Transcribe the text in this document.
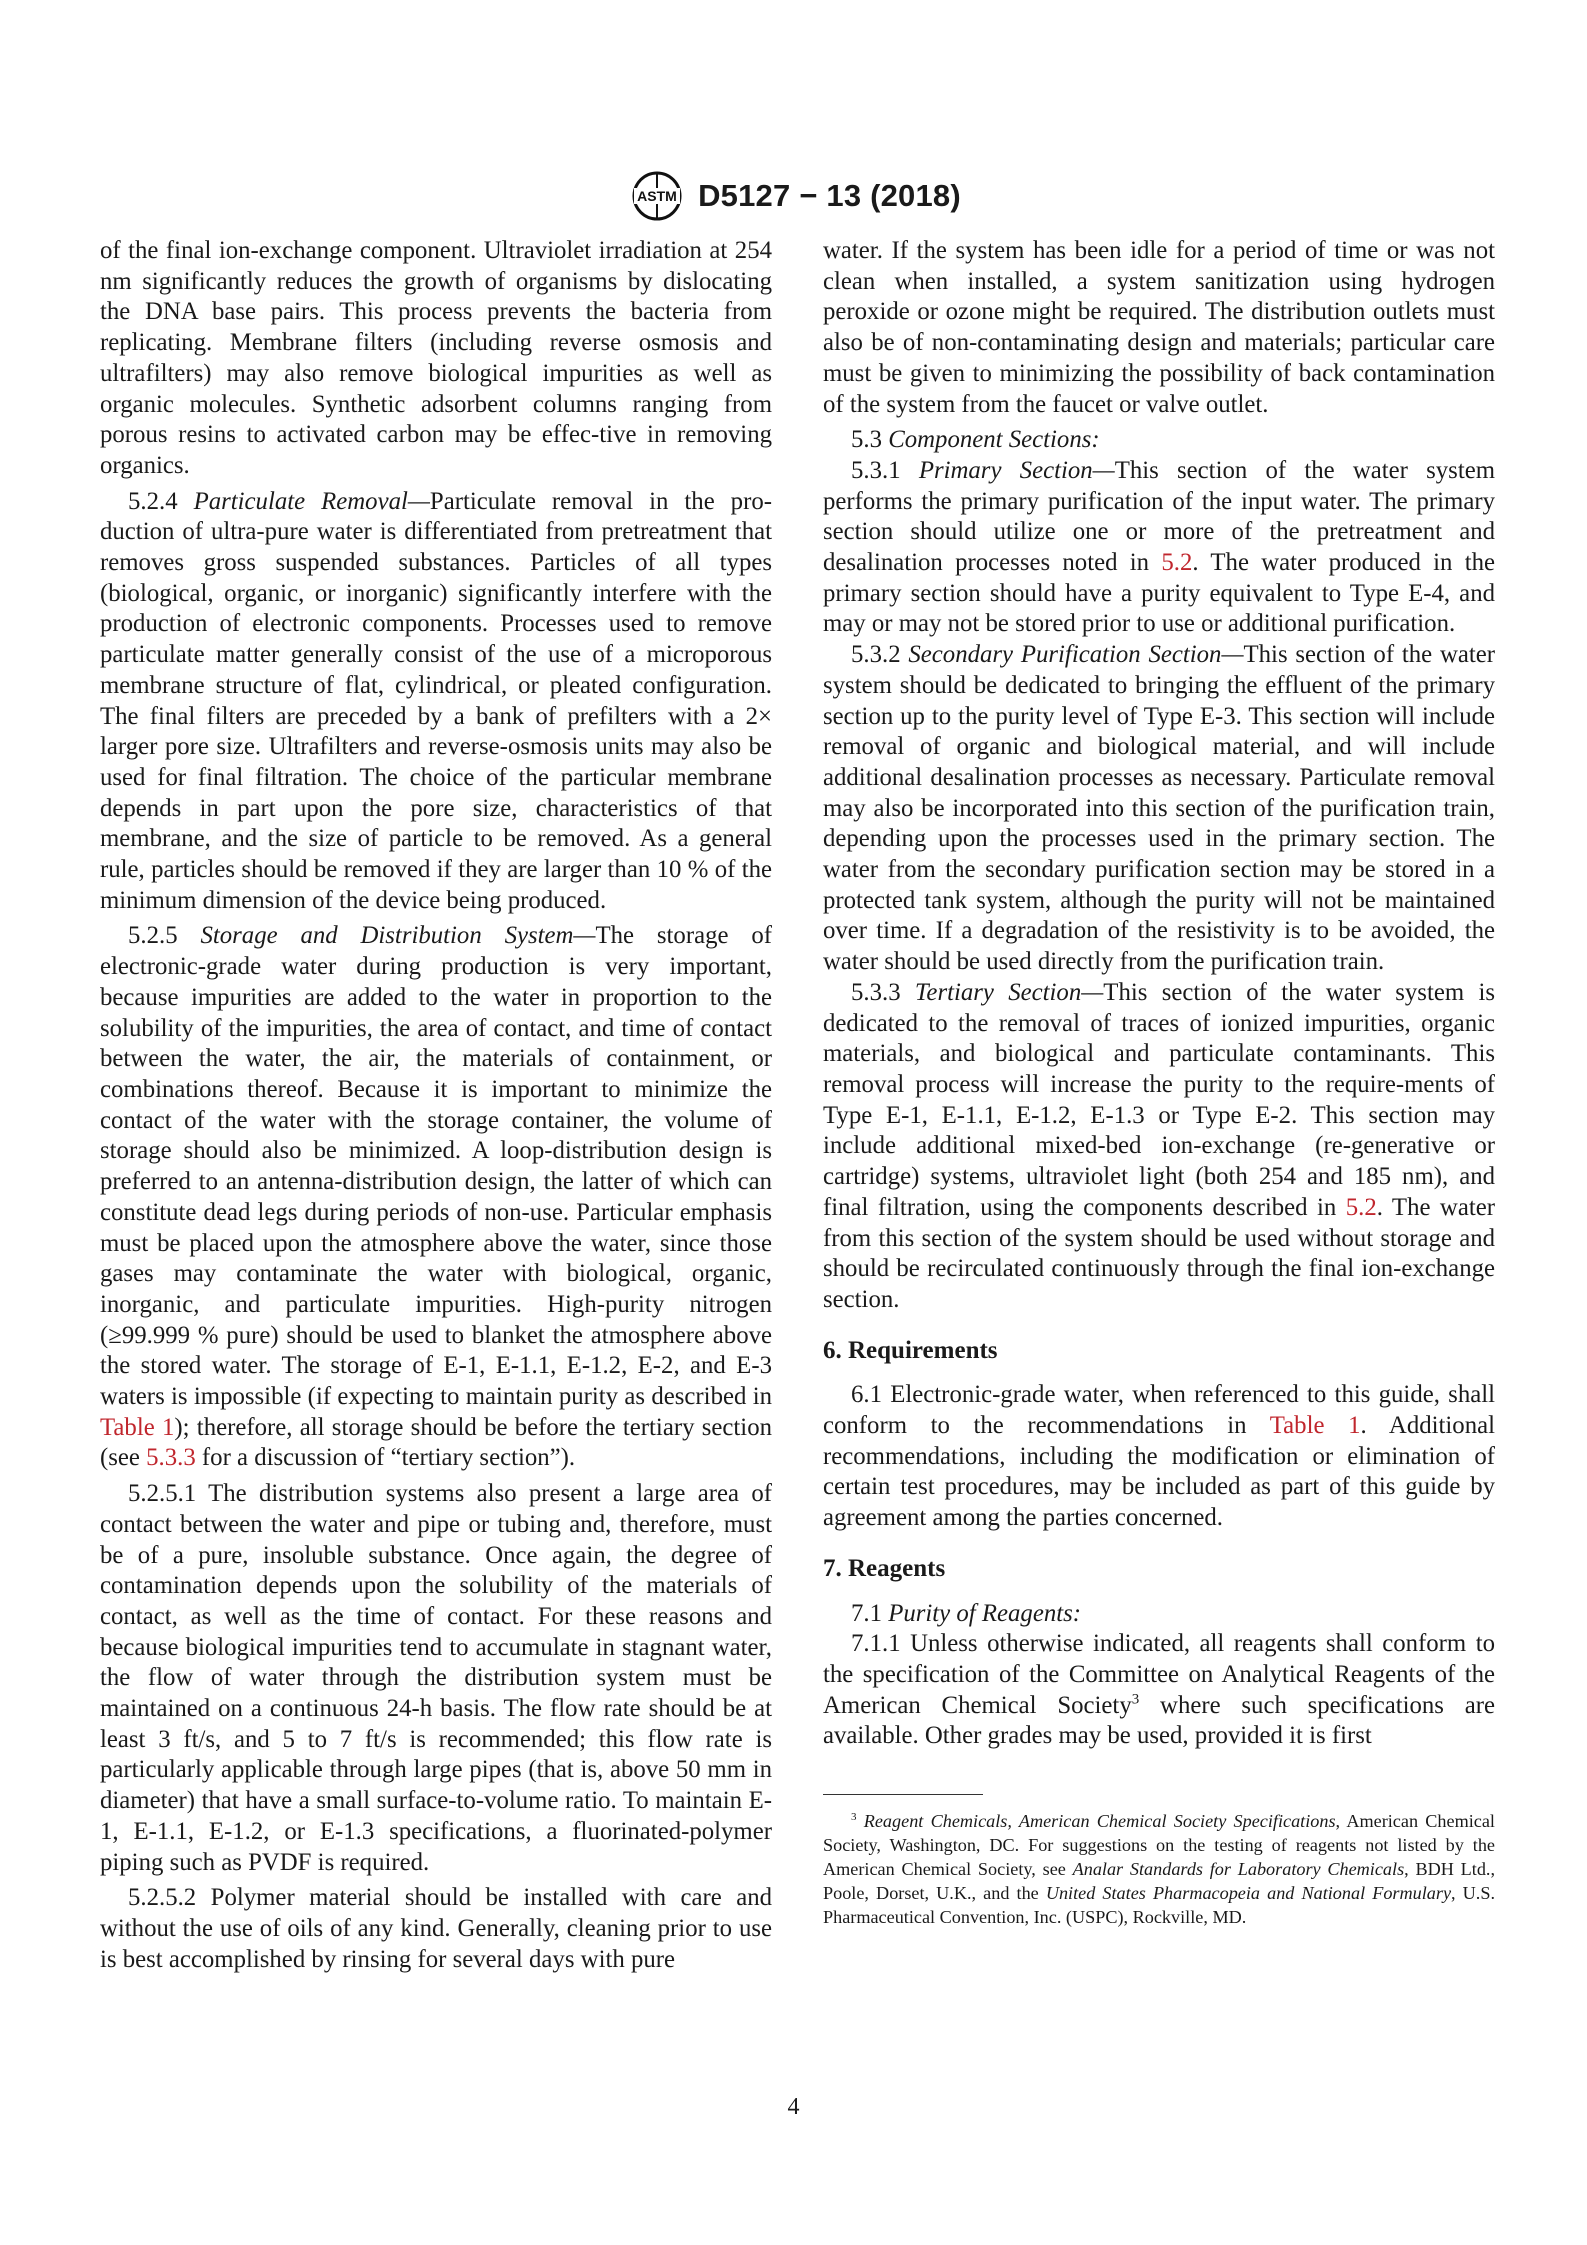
ASTM D5127 − 13 (2018)

of the final ion-exchange component. Ultraviolet irradiation at 254 nm significantly reduces the growth of organisms by dislocating the DNA base pairs. This process prevents the bacteria from replicating. Membrane filters (including reverse osmosis and ultrafilters) may also remove biological impurities as well as organic molecules. Synthetic adsorbent columns ranging from porous resins to activated carbon may be effec-tive in removing organics.

5.2.4 Particulate Removal—Particulate removal in the pro-duction of ultra-pure water is differentiated from pretreatment that removes gross suspended substances. Particles of all types (biological, organic, or inorganic) significantly interfere with the production of electronic components. Processes used to remove particulate matter generally consist of the use of a microporous membrane structure of flat, cylindrical, or pleated configuration. The final filters are preceded by a bank of prefilters with a 2× larger pore size. Ultrafilters and reverse-osmosis units may also be used for final filtration. The choice of the particular membrane depends in part upon the pore size, characteristics of that membrane, and the size of particle to be removed. As a general rule, particles should be removed if they are larger than 10 % of the minimum dimension of the device being produced.

5.2.5 Storage and Distribution System—The storage of electronic-grade water during production is very important, because impurities are added to the water in proportion to the solubility of the impurities, the area of contact, and time of contact between the water, the air, the materials of containment, or combinations thereof. Because it is important to minimize the contact of the water with the storage container, the volume of storage should also be minimized. A loop-distribution design is preferred to an antenna-distribution design, the latter of which can constitute dead legs during periods of non-use. Particular emphasis must be placed upon the atmosphere above the water, since those gases may contaminate the water with biological, organic, inorganic, and particulate impurities. High-purity nitrogen (≥99.999 % pure) should be used to blanket the atmosphere above the stored water. The storage of E-1, E-1.1, E-1.2, E-2, and E-3 waters is impossible (if expecting to maintain purity as described in Table 1); therefore, all storage should be before the tertiary section (see 5.3.3 for a discussion of “tertiary section”).

5.2.5.1 The distribution systems also present a large area of contact between the water and pipe or tubing and, therefore, must be of a pure, insoluble substance. Once again, the degree of contamination depends upon the solubility of the materials of contact, as well as the time of contact. For these reasons and because biological impurities tend to accumulate in stagnant water, the flow of water through the distribution system must be maintained on a continuous 24-h basis. The flow rate should be at least 3 ft/s, and 5 to 7 ft/s is recommended; this flow rate is particularly applicable through large pipes (that is, above 50 mm in diameter) that have a small surface-to-volume ratio. To maintain E-1, E-1.1, E-1.2, or E-1.3 specifications, a fluorinated-polymer piping such as PVDF is required.

5.2.5.2 Polymer material should be installed with care and without the use of oils of any kind. Generally, cleaning prior to use is best accomplished by rinsing for several days with pure

water. If the system has been idle for a period of time or was not clean when installed, a system sanitization using hydrogen peroxide or ozone might be required. The distribution outlets must also be of non-contaminating design and materials; particular care must be given to minimizing the possibility of back contamination of the system from the faucet or valve outlet.

5.3 Component Sections:

5.3.1 Primary Section—This section of the water system performs the primary purification of the input water. The primary section should utilize one or more of the pretreatment and desalination processes noted in 5.2. The water produced in the primary section should have a purity equivalent to Type E-4, and may or may not be stored prior to use or additional purification.

5.3.2 Secondary Purification Section—This section of the water system should be dedicated to bringing the effluent of the primary section up to the purity level of Type E-3. This section will include removal of organic and biological material, and will include additional desalination processes as necessary. Particulate removal may also be incorporated into this section of the purification train, depending upon the processes used in the primary section. The water from the secondary purification section may be stored in a protected tank system, although the purity will not be maintained over time. If a degradation of the resistivity is to be avoided, the water should be used directly from the purification train.

5.3.3 Tertiary Section—This section of the water system is dedicated to the removal of traces of ionized impurities, organic materials, and biological and particulate contaminants. This removal process will increase the purity to the require-ments of Type E-1, E-1.1, E-1.2, E-1.3 or Type E-2. This section may include additional mixed-bed ion-exchange (re-generative or cartridge) systems, ultraviolet light (both 254 and 185 nm), and final filtration, using the components described in 5.2. The water from this section of the system should be used without storage and should be recirculated continuously through the final ion-exchange section.

6. Requirements

6.1 Electronic-grade water, when referenced to this guide, shall conform to the recommendations in Table 1. Additional recommendations, including the modification or elimination of certain test procedures, may be included as part of this guide by agreement among the parties concerned.

7. Reagents

7.1 Purity of Reagents:

7.1.1 Unless otherwise indicated, all reagents shall conform to the specification of the Committee on Analytical Reagents of the American Chemical Society$^3$ where such specifications are available. Other grades may be used, provided it is first

$^3$ Reagent Chemicals, American Chemical Society Specifications, American Chemical Society, Washington, DC. For suggestions on the testing of reagents not listed by the American Chemical Society, see Analar Standards for Laboratory Chemicals, BDH Ltd., Poole, Dorset, U.K., and the United States Pharmacopeia and National Formulary, U.S. Pharmaceutical Convention, Inc. (USPC), Rockville, MD.

4
